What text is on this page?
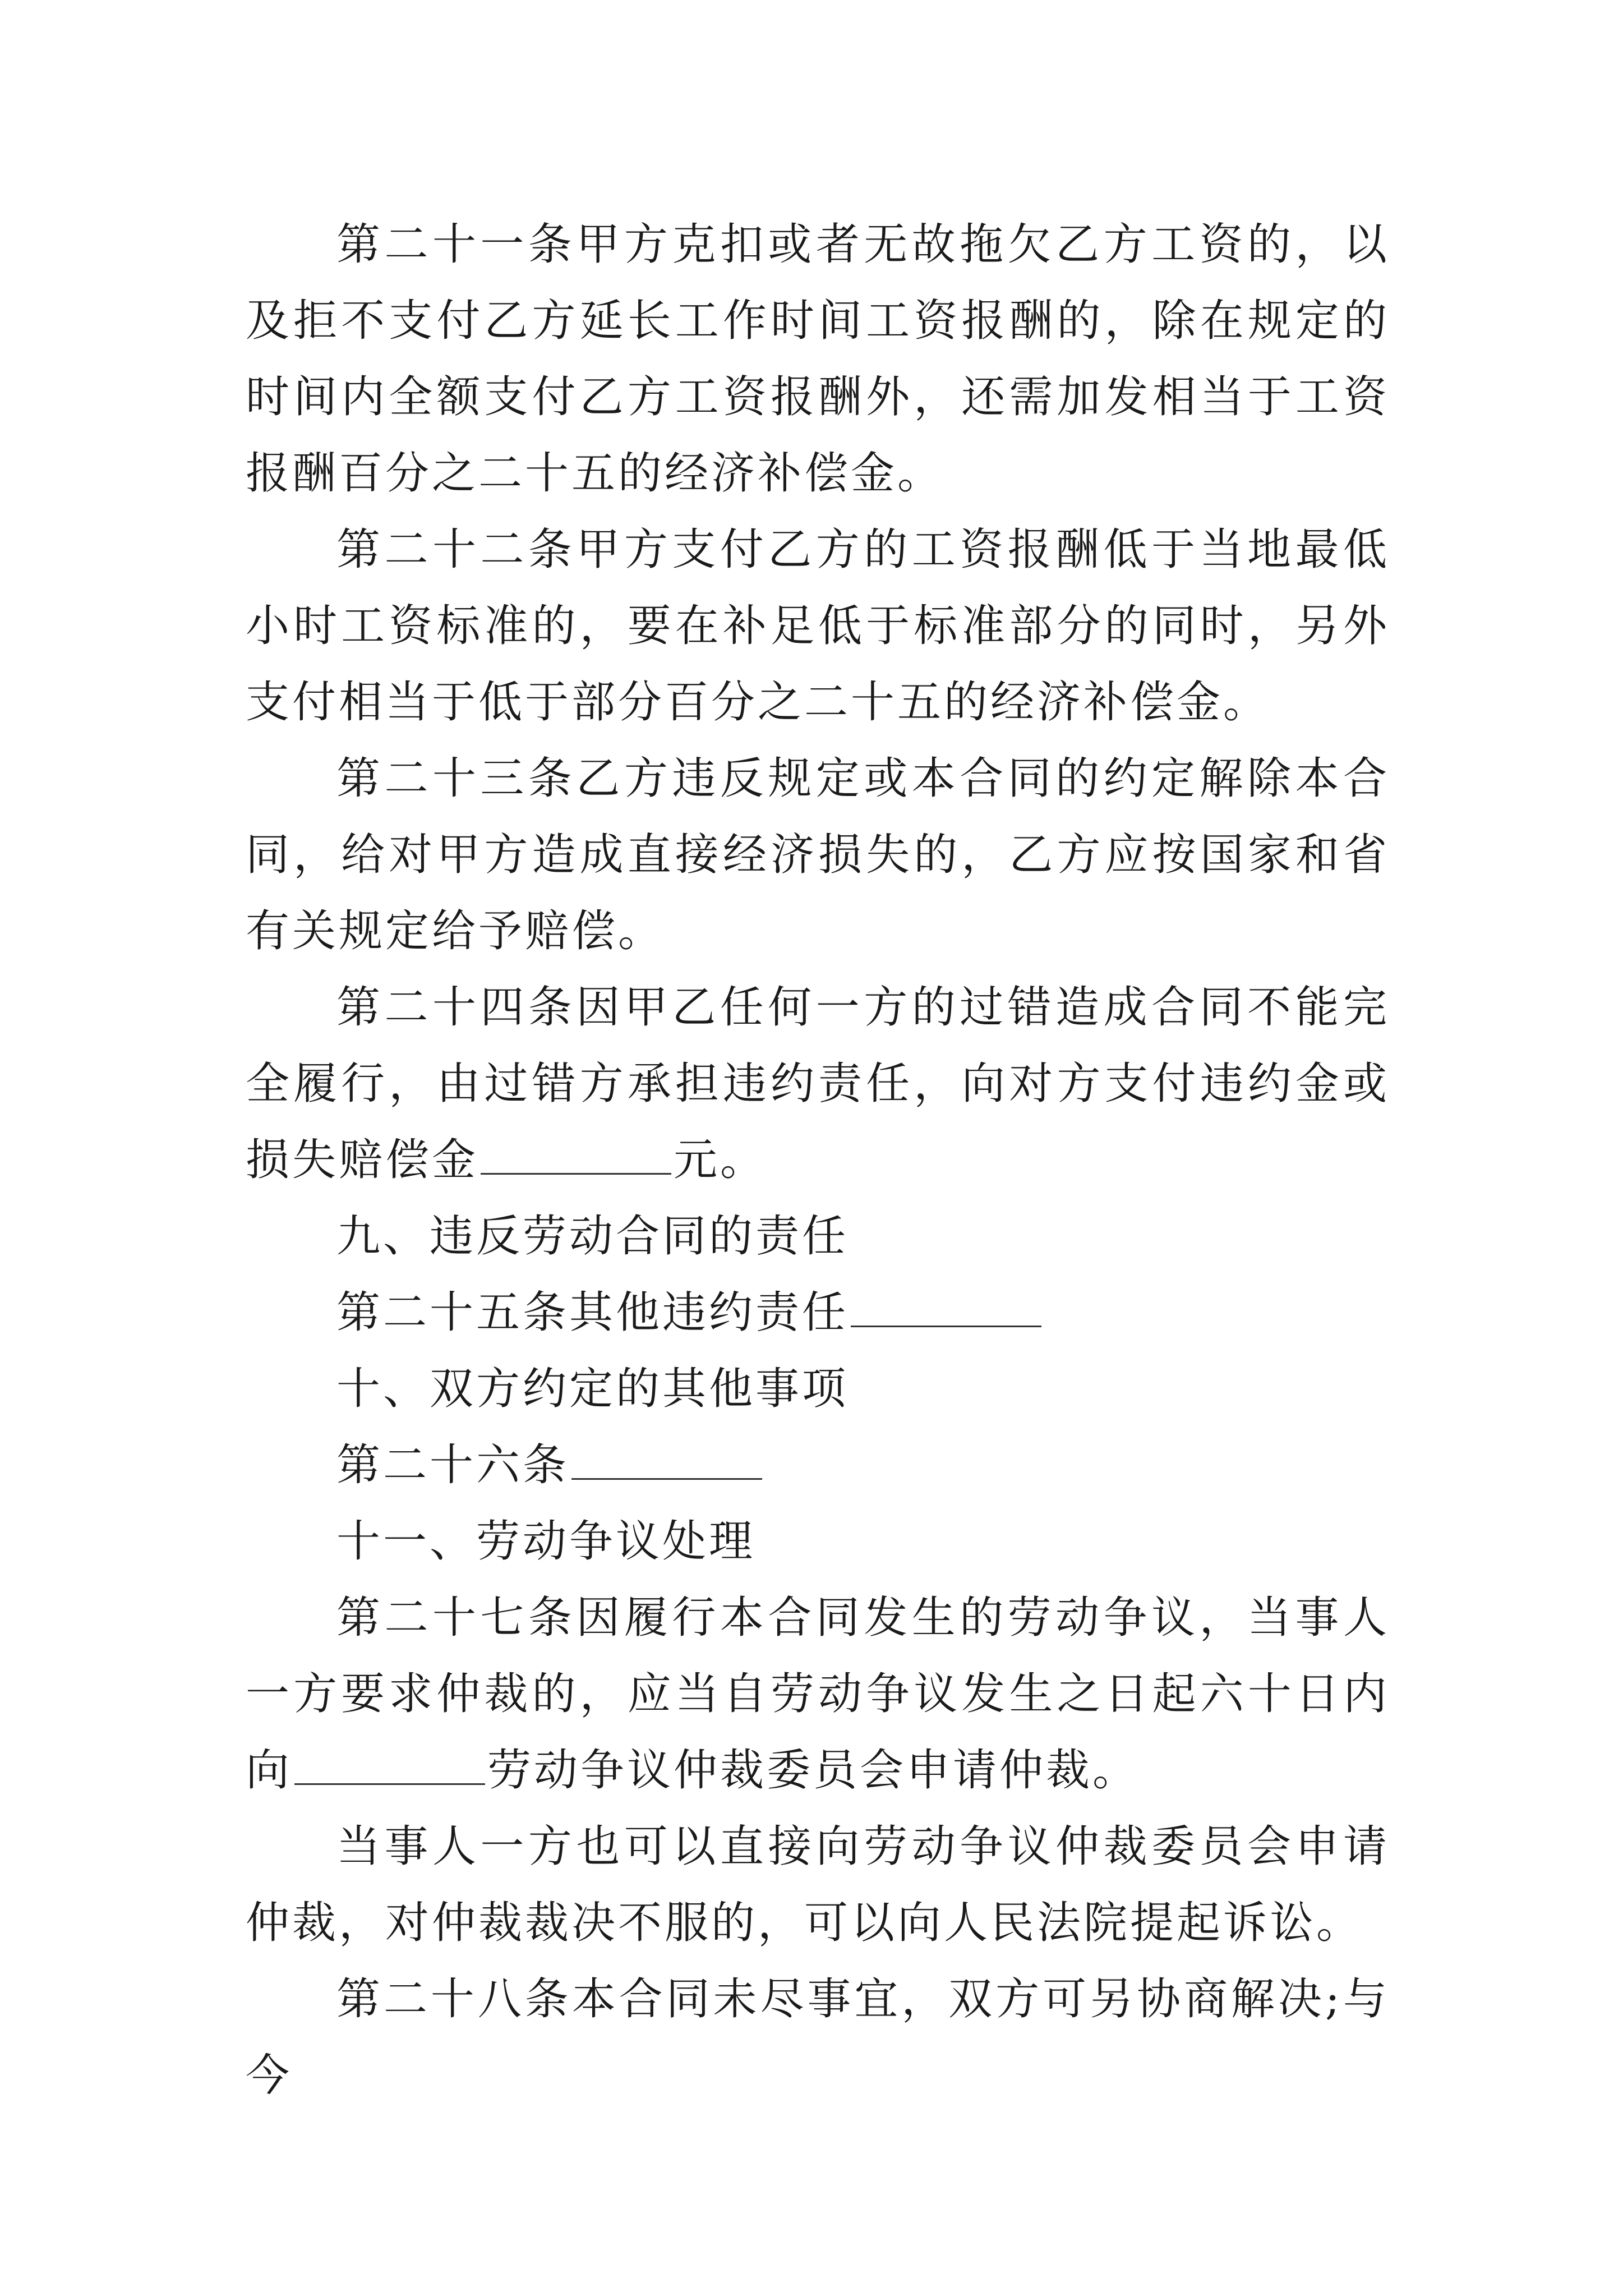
第二十一条甲方克扣或者无故拖欠乙方工资的，以及拒不支付乙方延长工作时间工资报酬的，除在规定的时间内全额支付乙方工资报酬外，还需加发相当于工资报酬百分之二十五的经济补偿金。

第二十二条甲方支付乙方的工资报酬低于当地最低小时工资标准的，要在补足低于标准部分的同时，另外支付相当于低于部分百分之二十五的经济补偿金。

第二十三条乙方违反规定或本合同的约定解除本合同，给对甲方造成直接经济损失的，乙方应按国家和省有关规定给予赔偿。

第二十四条因甲乙任何一方的过错造成合同不能完全履行，由过错方承担违约责任，向对方支付违约金或损失赔偿金	元。

九、违反劳动合同的责任

第二十五条其他违约责任

十、双方约定的其他事项

第二十六条

十一、劳动争议处理

第二十七条因履行本合同发生的劳动争议，当事人一方要求仲裁的，应当自劳动争议发生之日起六十日内向	劳动争议仲裁委员会申请仲裁。

当事人一方也可以直接向劳动争议仲裁委员会申请仲裁，对仲裁裁决不服的，可以向人民法院提起诉讼。

第二十八条本合同未尽事宜，双方可另协商解决;与今
